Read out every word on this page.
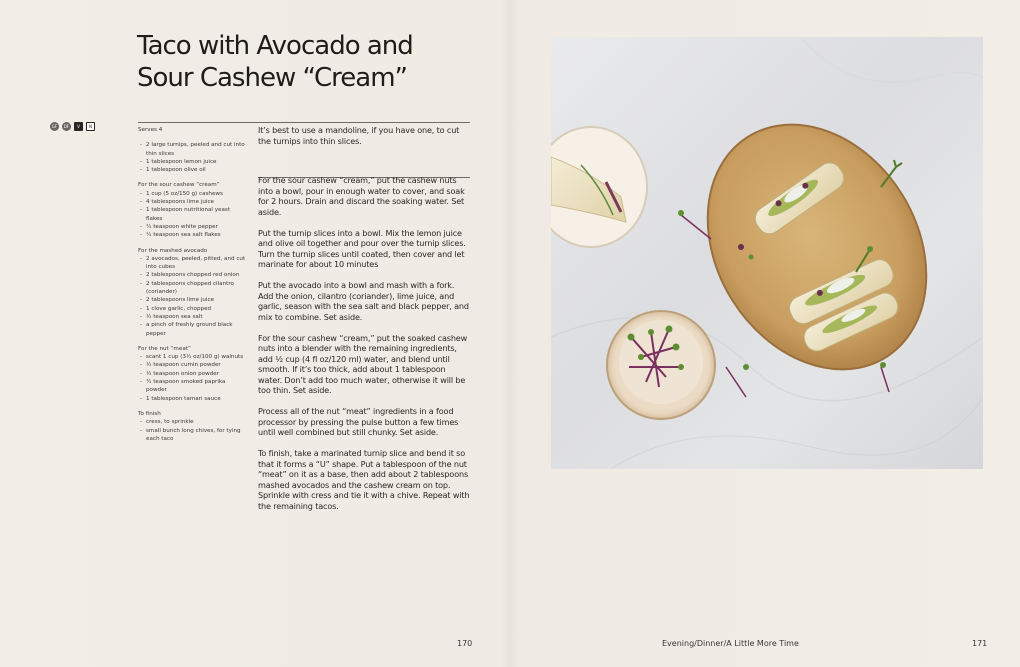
Taco with Avocado and
Sour Cashew “Cream”
GF	DF	V	N

Serves 4

- 2 large turnips, peeled and cut into thin slices
- 1 tablespoon lemon juice
- 1 tablespoon olive oil

For the sour cashew “cream”

- 1 cup (5 oz/150 g) cashews
- 4 tablespoons lime juice
- 1 tablespoon nutritional yeast flakes
- ¼ teaspoon white pepper
- ¼ teaspoon sea salt flakes

For the mashed avocado

- 2 avocados, peeled, pitted, and cut into cubes
- 2 tablespoons chopped red onion
- 2 tablespoons chopped cilantro (coriander)
- 2 tablespoons lime juice
- 1 clove garlic, chopped
- ½ teaspoon sea salt
- a pinch of freshly ground black pepper

For the nut “meat”

- scant 1 cup (3½ oz/100 g) walnuts
- ½ teaspoon cumin powder
- ½ teaspoon onion powder
- ¼ teaspoon smoked paprika powder
- 1 tablespoon tamari sauce

To finish

- cress, to sprinkle
- small bunch long chives, for tying each taco

It’s best to use a mandoline, if you have one, to cut the turnips into thin slices.

For the sour cashew “cream,” put the cashew nuts into a bowl, pour in enough water to cover, and soak for 2 hours. Drain and discard the soaking water. Set aside.

Put the turnip slices into a bowl. Mix the lemon juice and olive oil together and pour over the turnip slices. Turn the turnip slices until coated, then cover and let marinate for about 10 minutes

Put the avocado into a bowl and mash with a fork. Add the onion, cilantro (coriander), lime juice, and garlic, season with the sea salt and black pepper, and mix to combine. Set aside.

For the sour cashew “cream,” put the soaked cashew nuts into a blender with the remaining ingredients, add ½ cup (4 fl oz/120 ml) water, and blend until smooth. If it’s too thick, add about 1 tablespoon water. Don’t add too much water, otherwise it will be too thin. Set aside.

Process all of the nut “meat” ingredients in a food processor by pressing the pulse button a few times until well combined but still chunky. Set aside.

To finish, take a marinated turnip slice and bend it so that it forms a “U” shape. Put a tablespoon of the nut “meat” on it as a base, then add about 2 tablespoons mashed avocados and the cashew cream on top. Sprinkle with cress and tie it with a chive. Repeat with the remaining tacos.

170	Evening/Dinner/A Little More Time	171
